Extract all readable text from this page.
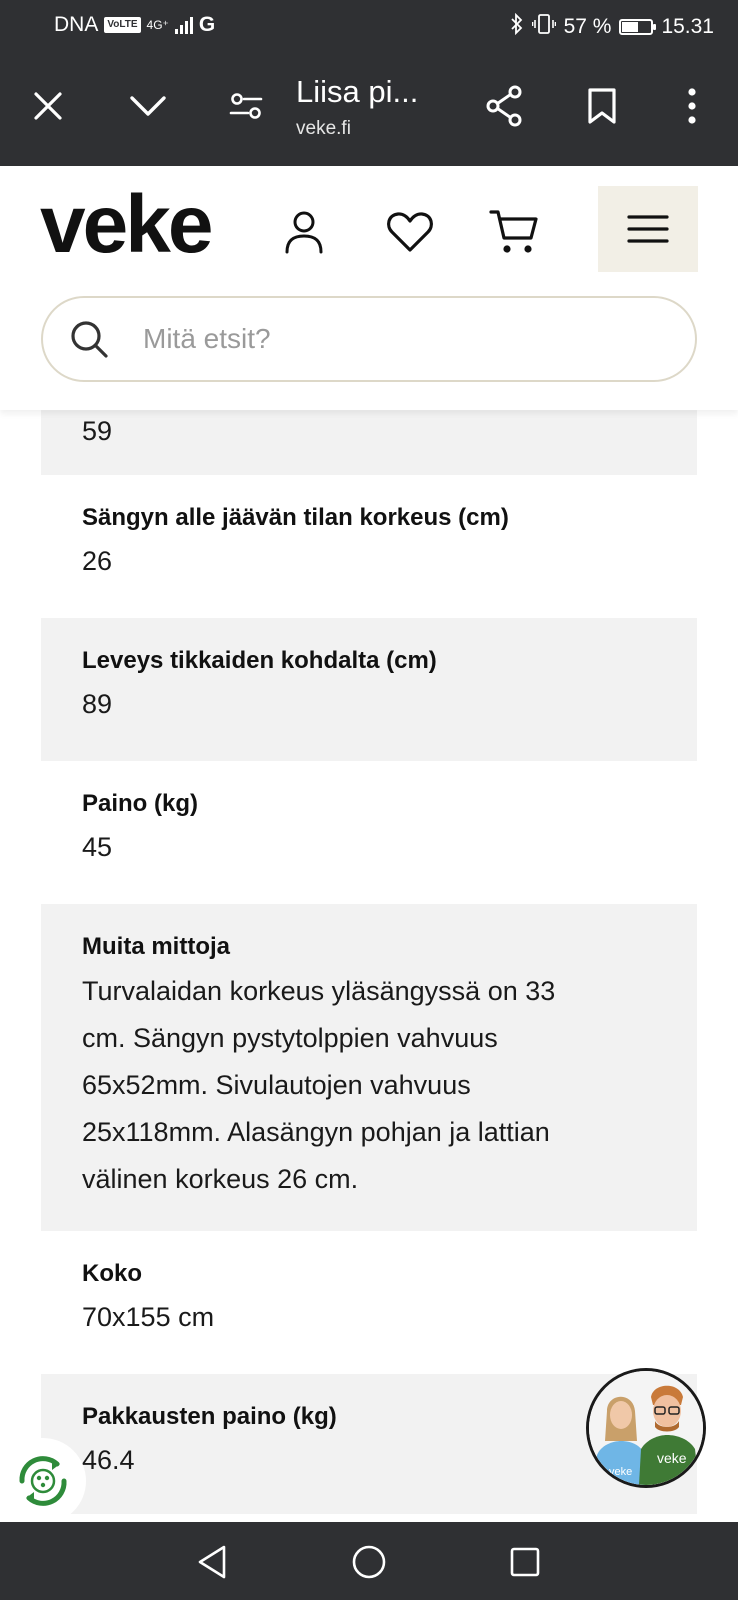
DNA VoLTE 4G⁺ G	57 % 15.31
Liisa pi...
veke.fi
veke
Mitä etsit?
59
Sängyn alle jäävän tilan korkeus (cm)
26
Leveys tikkaiden kohdalta (cm)
89
Paino (kg)
45
Muita mittoja
Turvalaidan korkeus yläsängyssä on 33
cm. Sängyn pystytolppien vahvuus
65x52mm. Sivulautojen vahvuus
25x118mm. Alasängyn pohjan ja lattian
välinen korkeus 26 cm.
Koko
70x155 cm
Pakkausten paino (kg)
46.4	veke
veke
